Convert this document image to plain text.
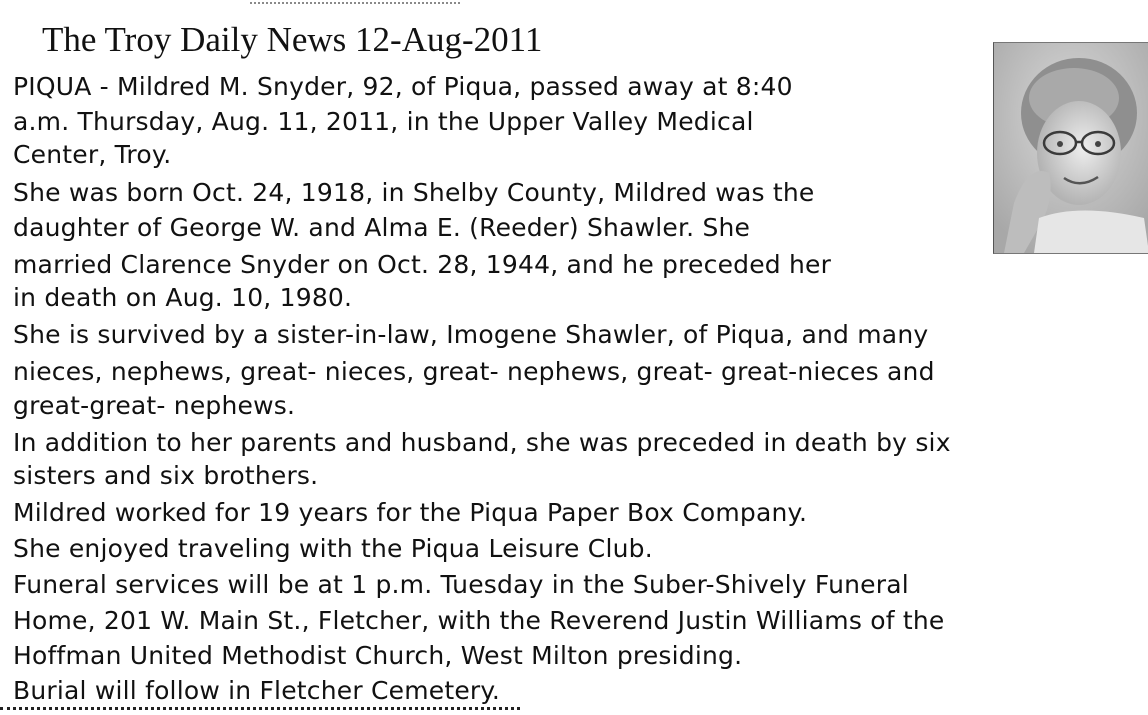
The Troy Daily News 12-Aug-2011
PIQUA - Mildred M. Snyder, 92, of Piqua, passed away at 8:40
a.m. Thursday, Aug. 11, 2011, in the Upper Valley Medical
Center, Troy.
She was born Oct. 24, 1918, in Shelby County, Mildred was the
daughter of George W. and Alma E. (Reeder) Shawler. She
married Clarence Snyder on Oct. 28, 1944, and he preceded her
in death on Aug. 10, 1980.
She is survived by a sister-in-law, Imogene Shawler, of Piqua, and many
nieces, nephews, great- nieces, great- nephews, great- great-nieces and
great-great- nephews.
In addition to her parents and husband, she was preceded in death by six
sisters and six brothers.
Mildred worked for 19 years for the Piqua Paper Box Company.
She enjoyed traveling with the Piqua Leisure Club.
Funeral services will be at 1 p.m. Tuesday in the Suber-Shively Funeral
Home, 201 W. Main St., Fletcher, with the Reverend Justin Williams of the
Hoffman United Methodist Church, West Milton presiding.
Burial will follow in Fletcher Cemetery.
